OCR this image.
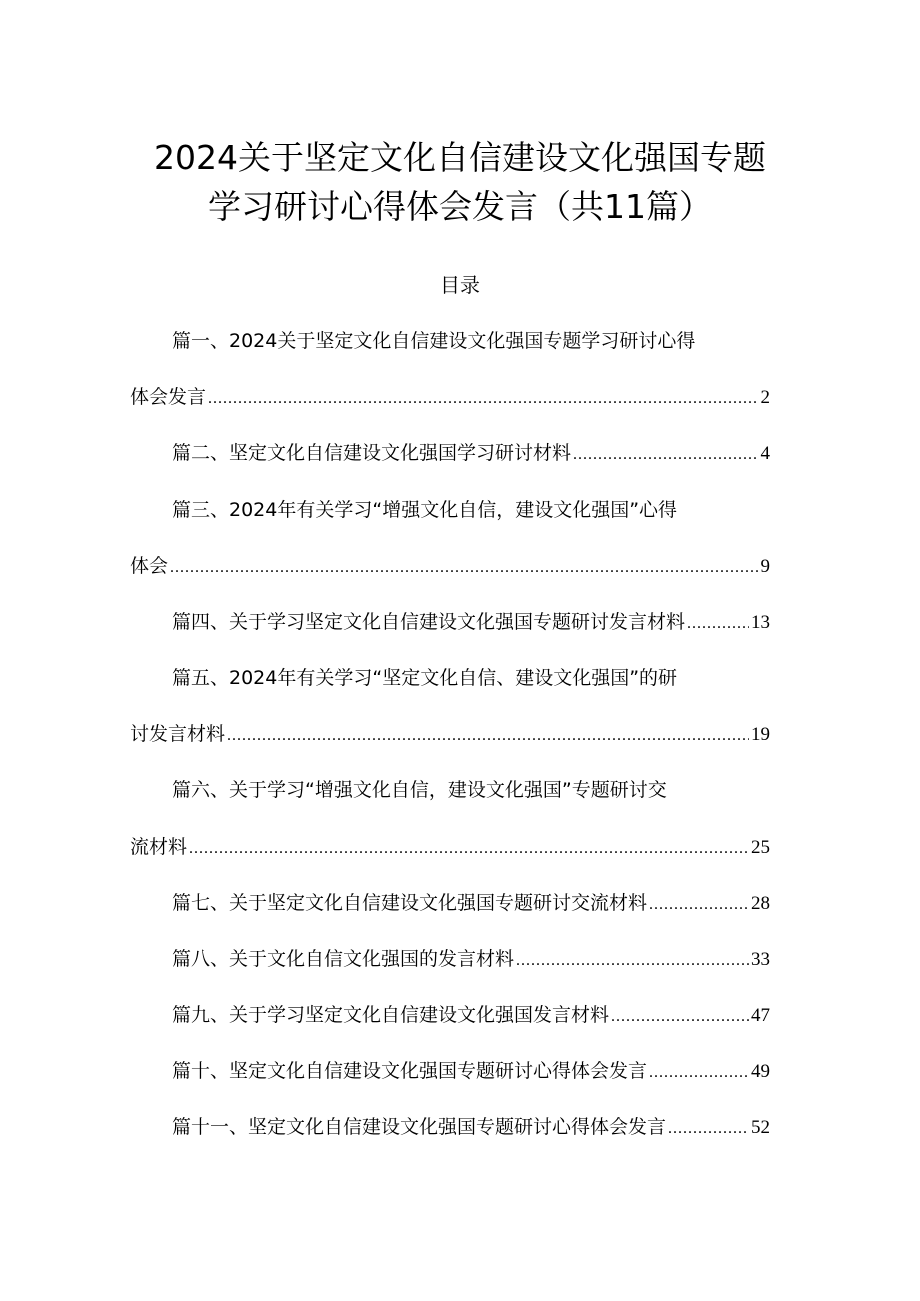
2024关于坚定文化自信建设文化强国专题
学习研讨心得体会发言（共11篇）
目录
篇一、2024关于坚定文化自信建设文化强国专题学习研讨心得
体会发言 .....	2
篇二、坚定文化自信建设文化强国学习研讨材料 .....	4
篇三、2024年有关学习“增强文化自信，建设文化强国”心得
体会 .....	9
篇四、关于学习坚定文化自信建设文化强国专题研讨发言材料 .....	13
篇五、2024年有关学习“坚定文化自信、建设文化强国”的研
讨发言材料 .....	19
篇六、关于学习“增强文化自信，建设文化强国”专题研讨交
流材料 .....	25
篇七、关于坚定文化自信建设文化强国专题研讨交流材料 .....	28
篇八、关于文化自信文化强国的发言材料 .....	33
篇九、关于学习坚定文化自信建设文化强国发言材料 .....	47
篇十、坚定文化自信建设文化强国专题研讨心得体会发言 .....	49
篇十一、坚定文化自信建设文化强国专题研讨心得体会发言 .....	52
